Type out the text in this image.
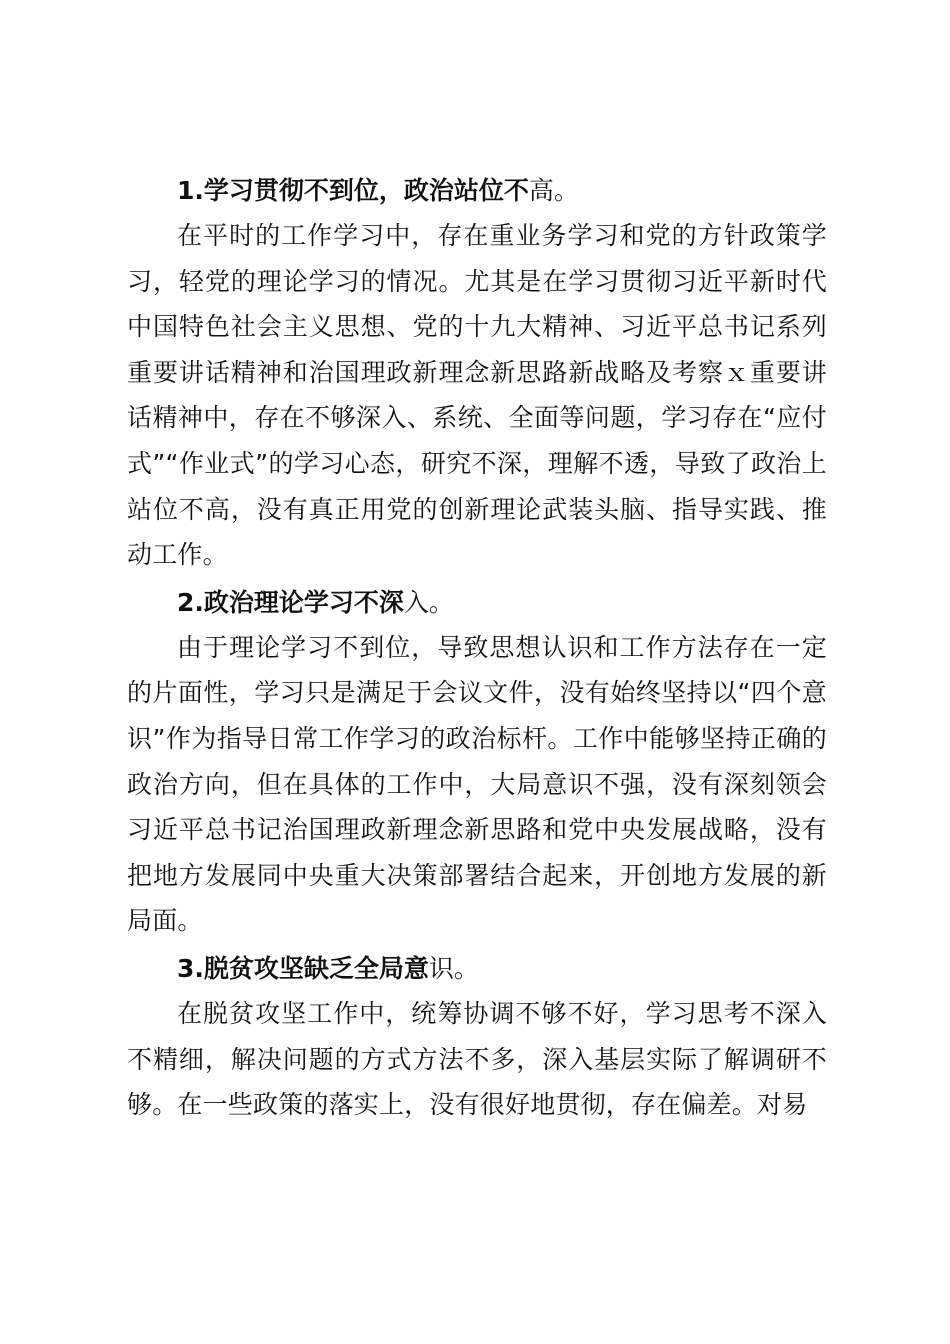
1.学习贯彻不到位，政治站位不高。

在平时的工作学习中，存在重业务学习和党的方针政策学习，轻党的理论学习的情况。尤其是在学习贯彻习近平新时代中国特色社会主义思想、党的十九大精神、习近平总书记系列重要讲话精神和治国理政新理念新思路新战略及考察ｘ重要讲话精神中，存在不够深入、系统、全面等问题，学习存在“应付式”“作业式”的学习心态，研究不深，理解不透，导致了政治上站位不高，没有真正用党的创新理论武装头脑、指导实践、推动工作。

2.政治理论学习不深入。

由于理论学习不到位，导致思想认识和工作方法存在一定的片面性，学习只是满足于会议文件，没有始终坚持以“四个意识”作为指导日常工作学习的政治标杆。工作中能够坚持正确的政治方向，但在具体的工作中，大局意识不强，没有深刻领会习近平总书记治国理政新理念新思路和党中央发展战略，没有把地方发展同中央重大决策部署结合起来，开创地方发展的新局面。

3.脱贫攻坚缺乏全局意识。

在脱贫攻坚工作中，统筹协调不够不好，学习思考不深入不精细，解决问题的方式方法不多，深入基层实际了解调研不够。在一些政策的落实上，没有很好地贯彻，存在偏差。对易
